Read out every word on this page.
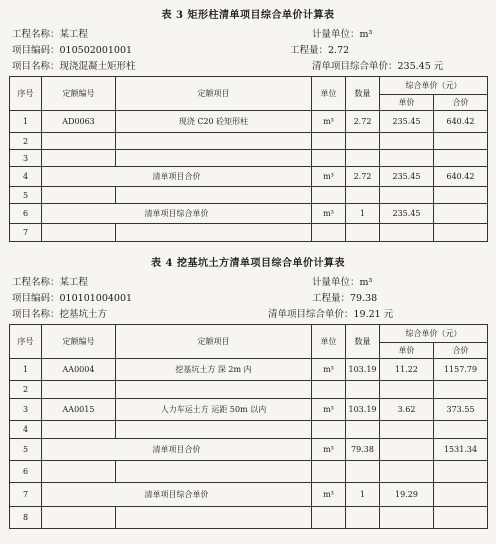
表 3 矩形柱清单项目综合单价计算表
工程名称：某工程	计量单位：m³
项目编码：010502001001	工程量：2.72
项目名称：现浇混凝土矩形柱	清单项目综合单价：235.45 元
序号	定额编号	定额项目	单位	数量	综合单价（元）	
					单价	合价
1	AD0063	现浇 C20 砼矩形柱	m³	2.72	235.45	640.42
2						
3						
4	清单项目合价		m³	2.72	235.45	640.42
5						
6	清单项目综合单价		m³	1	235.45	
7						
表 4 挖基坑土方清单项目综合单价计算表
工程名称：某工程	计量单位：m³
项目编码：010101004001	工程量：79.38
项目名称：挖基坑土方	清单项目综合单价：19.21 元
序号	定额编号	定额项目	单位	数量	综合单价（元）	
					单价	合价
1	AA0004	挖基坑土方 深 2m 内	m³	103.19	11.22	1157.79
2						
3	AA0015	人力车运土方 运距 50m 以内	m³	103.19	3.62	373.55
4						
5	清单项目合价		m³	79.38		1531.34
6						
7	清单项目综合单价		m³	1	19.29	
8						
